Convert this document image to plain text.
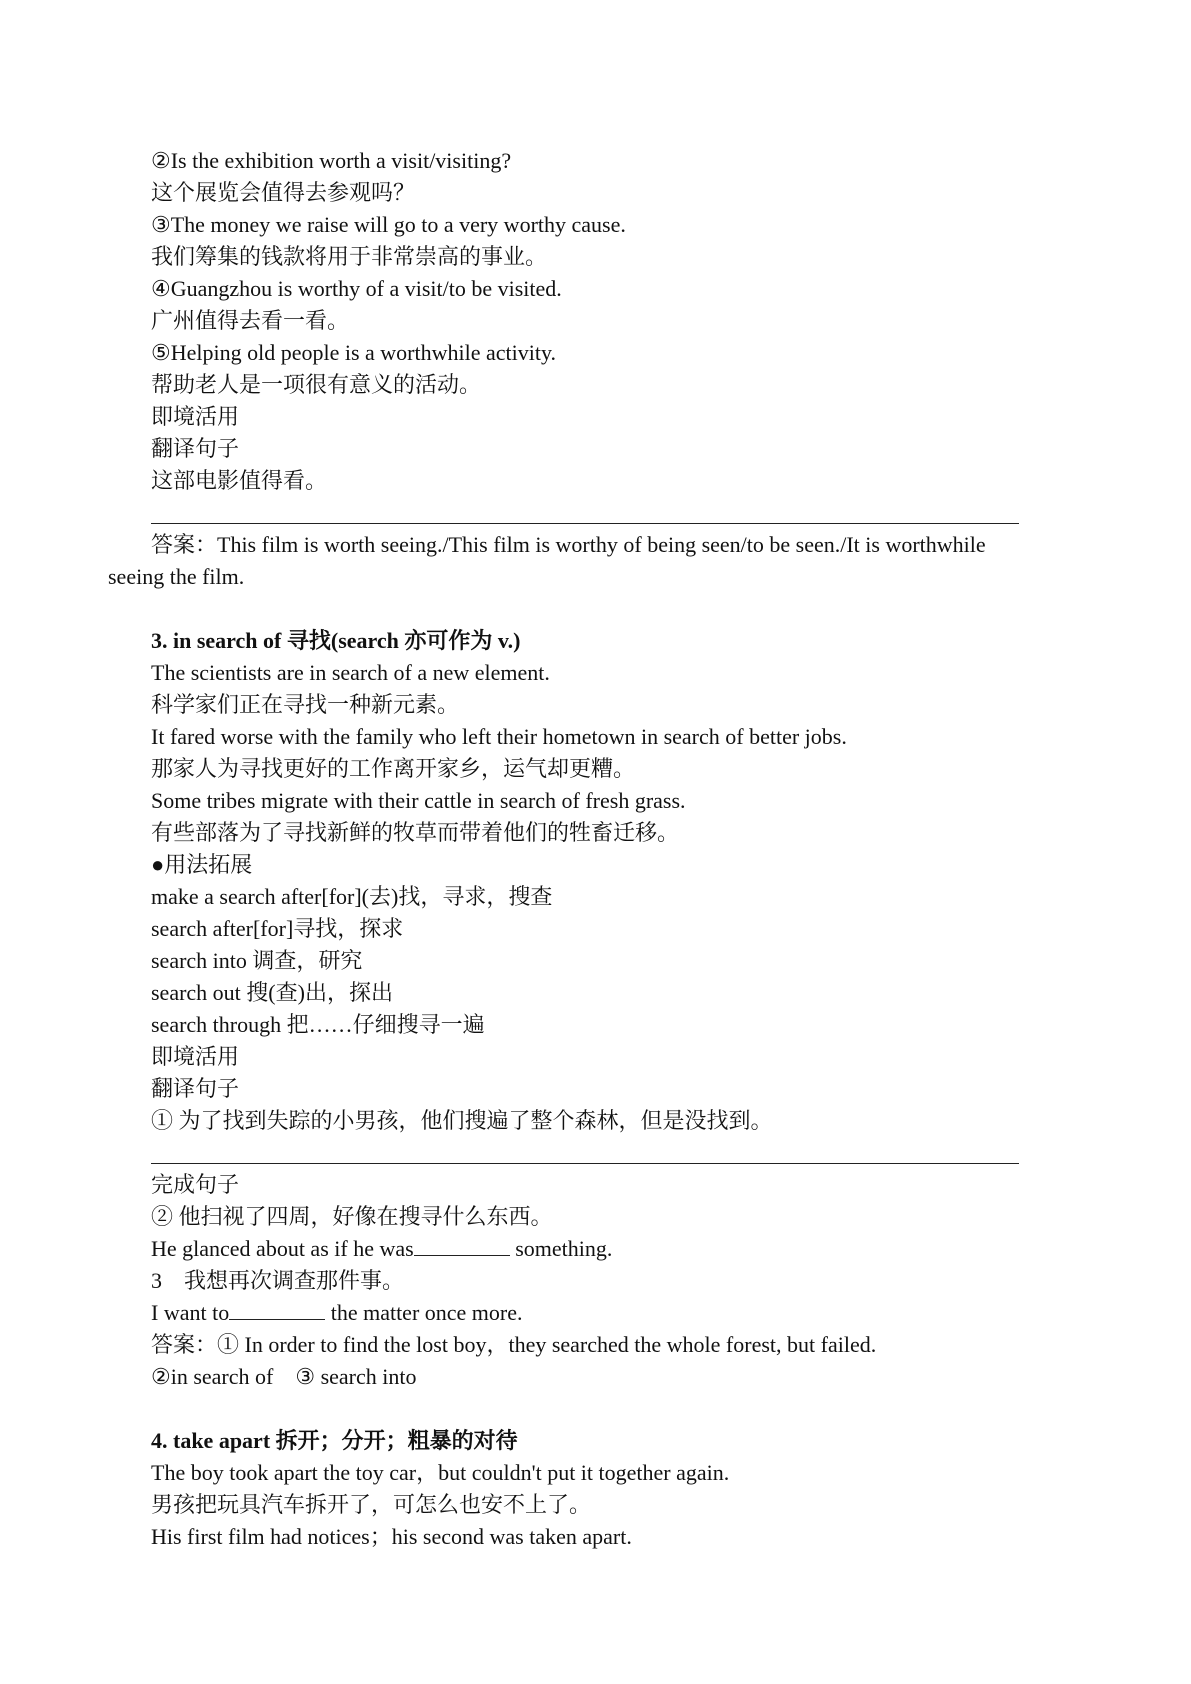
②Is the exhibition worth a visit/visiting?
这个展览会值得去参观吗？
③The money we raise will go to a very worthy cause.
我们筹集的钱款将用于非常崇高的事业。
④Guangzhou is worthy of a visit/to be visited.
广州值得去看一看。
⑤Helping old people is a worthwhile activity.
帮助老人是一项很有意义的活动。
即境活用
翻译句子
这部电影值得看。
答案：This film is worth seeing./This film is worthy of being seen/to be seen./It is worthwhile
seeing the film.
3. in search of 寻找(search 亦可作为 v.)
The scientists are in search of a new element.
科学家们正在寻找一种新元素。
It fared worse with the family who left their hometown in search of better jobs.
那家人为寻找更好的工作离开家乡，运气却更糟。
Some tribes migrate with their cattle in search of fresh grass.
有些部落为了寻找新鲜的牧草而带着他们的牲畜迁移。
●用法拓展
make a search after[for](去)找，寻求，搜查
search after[for]寻找，探求
search into 调查，研究
search out 搜(查)出，探出
search through 把……仔细搜寻一遍
即境活用
翻译句子
① 为了找到失踪的小男孩，他们搜遍了整个森林，但是没找到。
完成句子
② 他扫视了四周，好像在搜寻什么东西。
He glanced about as if he was	something.
3    我想再次调查那件事。
I want to	the matter once more.
答案：① In order to find the lost boy，they searched the whole forest, but failed.
②in search of    ③ search into
4. take apart 拆开；分开；粗暴的对待
The boy took apart the toy car，but couldn't put it together again.
男孩把玩具汽车拆开了，可怎么也安不上了。
His first film had notices；his second was taken apart.
